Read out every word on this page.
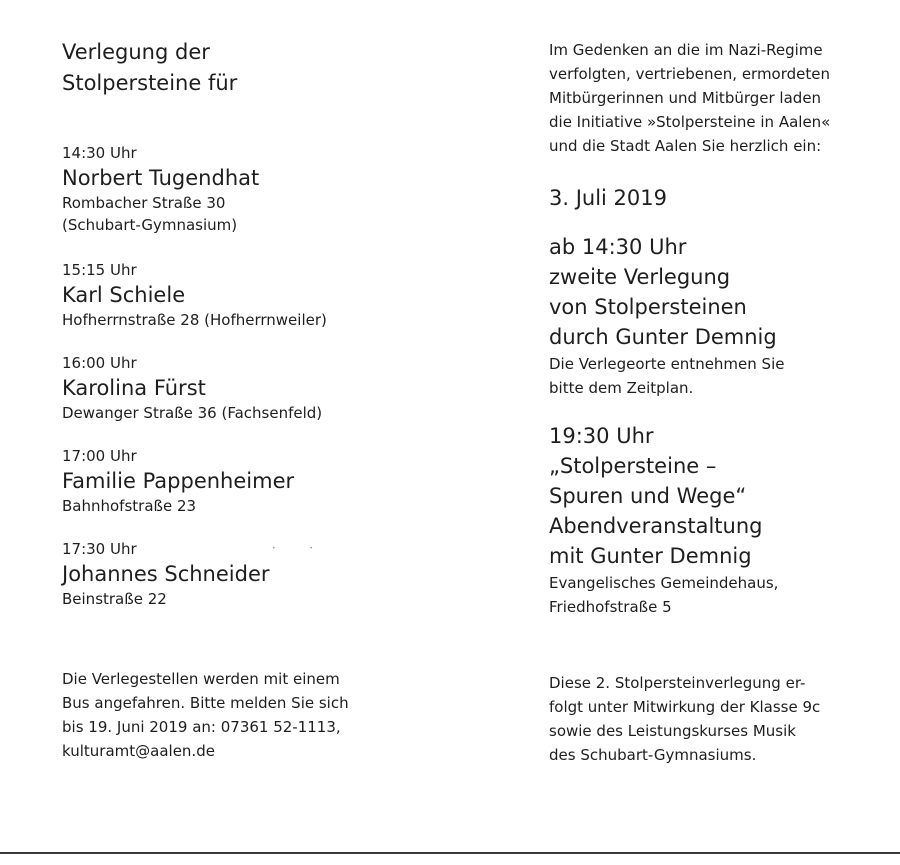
Verlegung der
Stolpersteine für
14:30 Uhr
Norbert Tugendhat
Rombacher Straße 30
(Schubart-Gymnasium)
15:15 Uhr
Karl Schiele
Hofherrnstraße 28 (Hofherrnweiler)
16:00 Uhr
Karolina Fürst
Dewanger Straße 36 (Fachsenfeld)
17:00 Uhr
Familie Pappenheimer
Bahnhofstraße 23
17:30 Uhr
Johannes Schneider
Beinstraße 22
Die Verlegestellen werden mit einem
Bus angefahren. Bitte melden Sie sich
bis 19. Juni 2019 an: 07361 52-1113,
kulturamt@aalen.de
• •
Im Gedenken an die im Nazi-Regime
verfolgten, vertriebenen, ermordeten
Mitbürgerinnen und Mitbürger laden
die Initiative »Stolpersteine in Aalen«
und die Stadt Aalen Sie herzlich ein:
3. Juli 2019
ab 14:30 Uhr
zweite Verlegung
von Stolpersteinen
durch Gunter Demnig
Die Verlegeorte entnehmen Sie
bitte dem Zeitplan.
19:30 Uhr
„Stolpersteine –
Spuren und Wege“
Abendveranstaltung
mit Gunter Demnig
Evangelisches Gemeindehaus,
Friedhofstraße 5
Diese 2. Stolpersteinverlegung er-
folgt unter Mitwirkung der Klasse 9c
sowie des Leistungskurses Musik
des Schubart-Gymnasiums.
